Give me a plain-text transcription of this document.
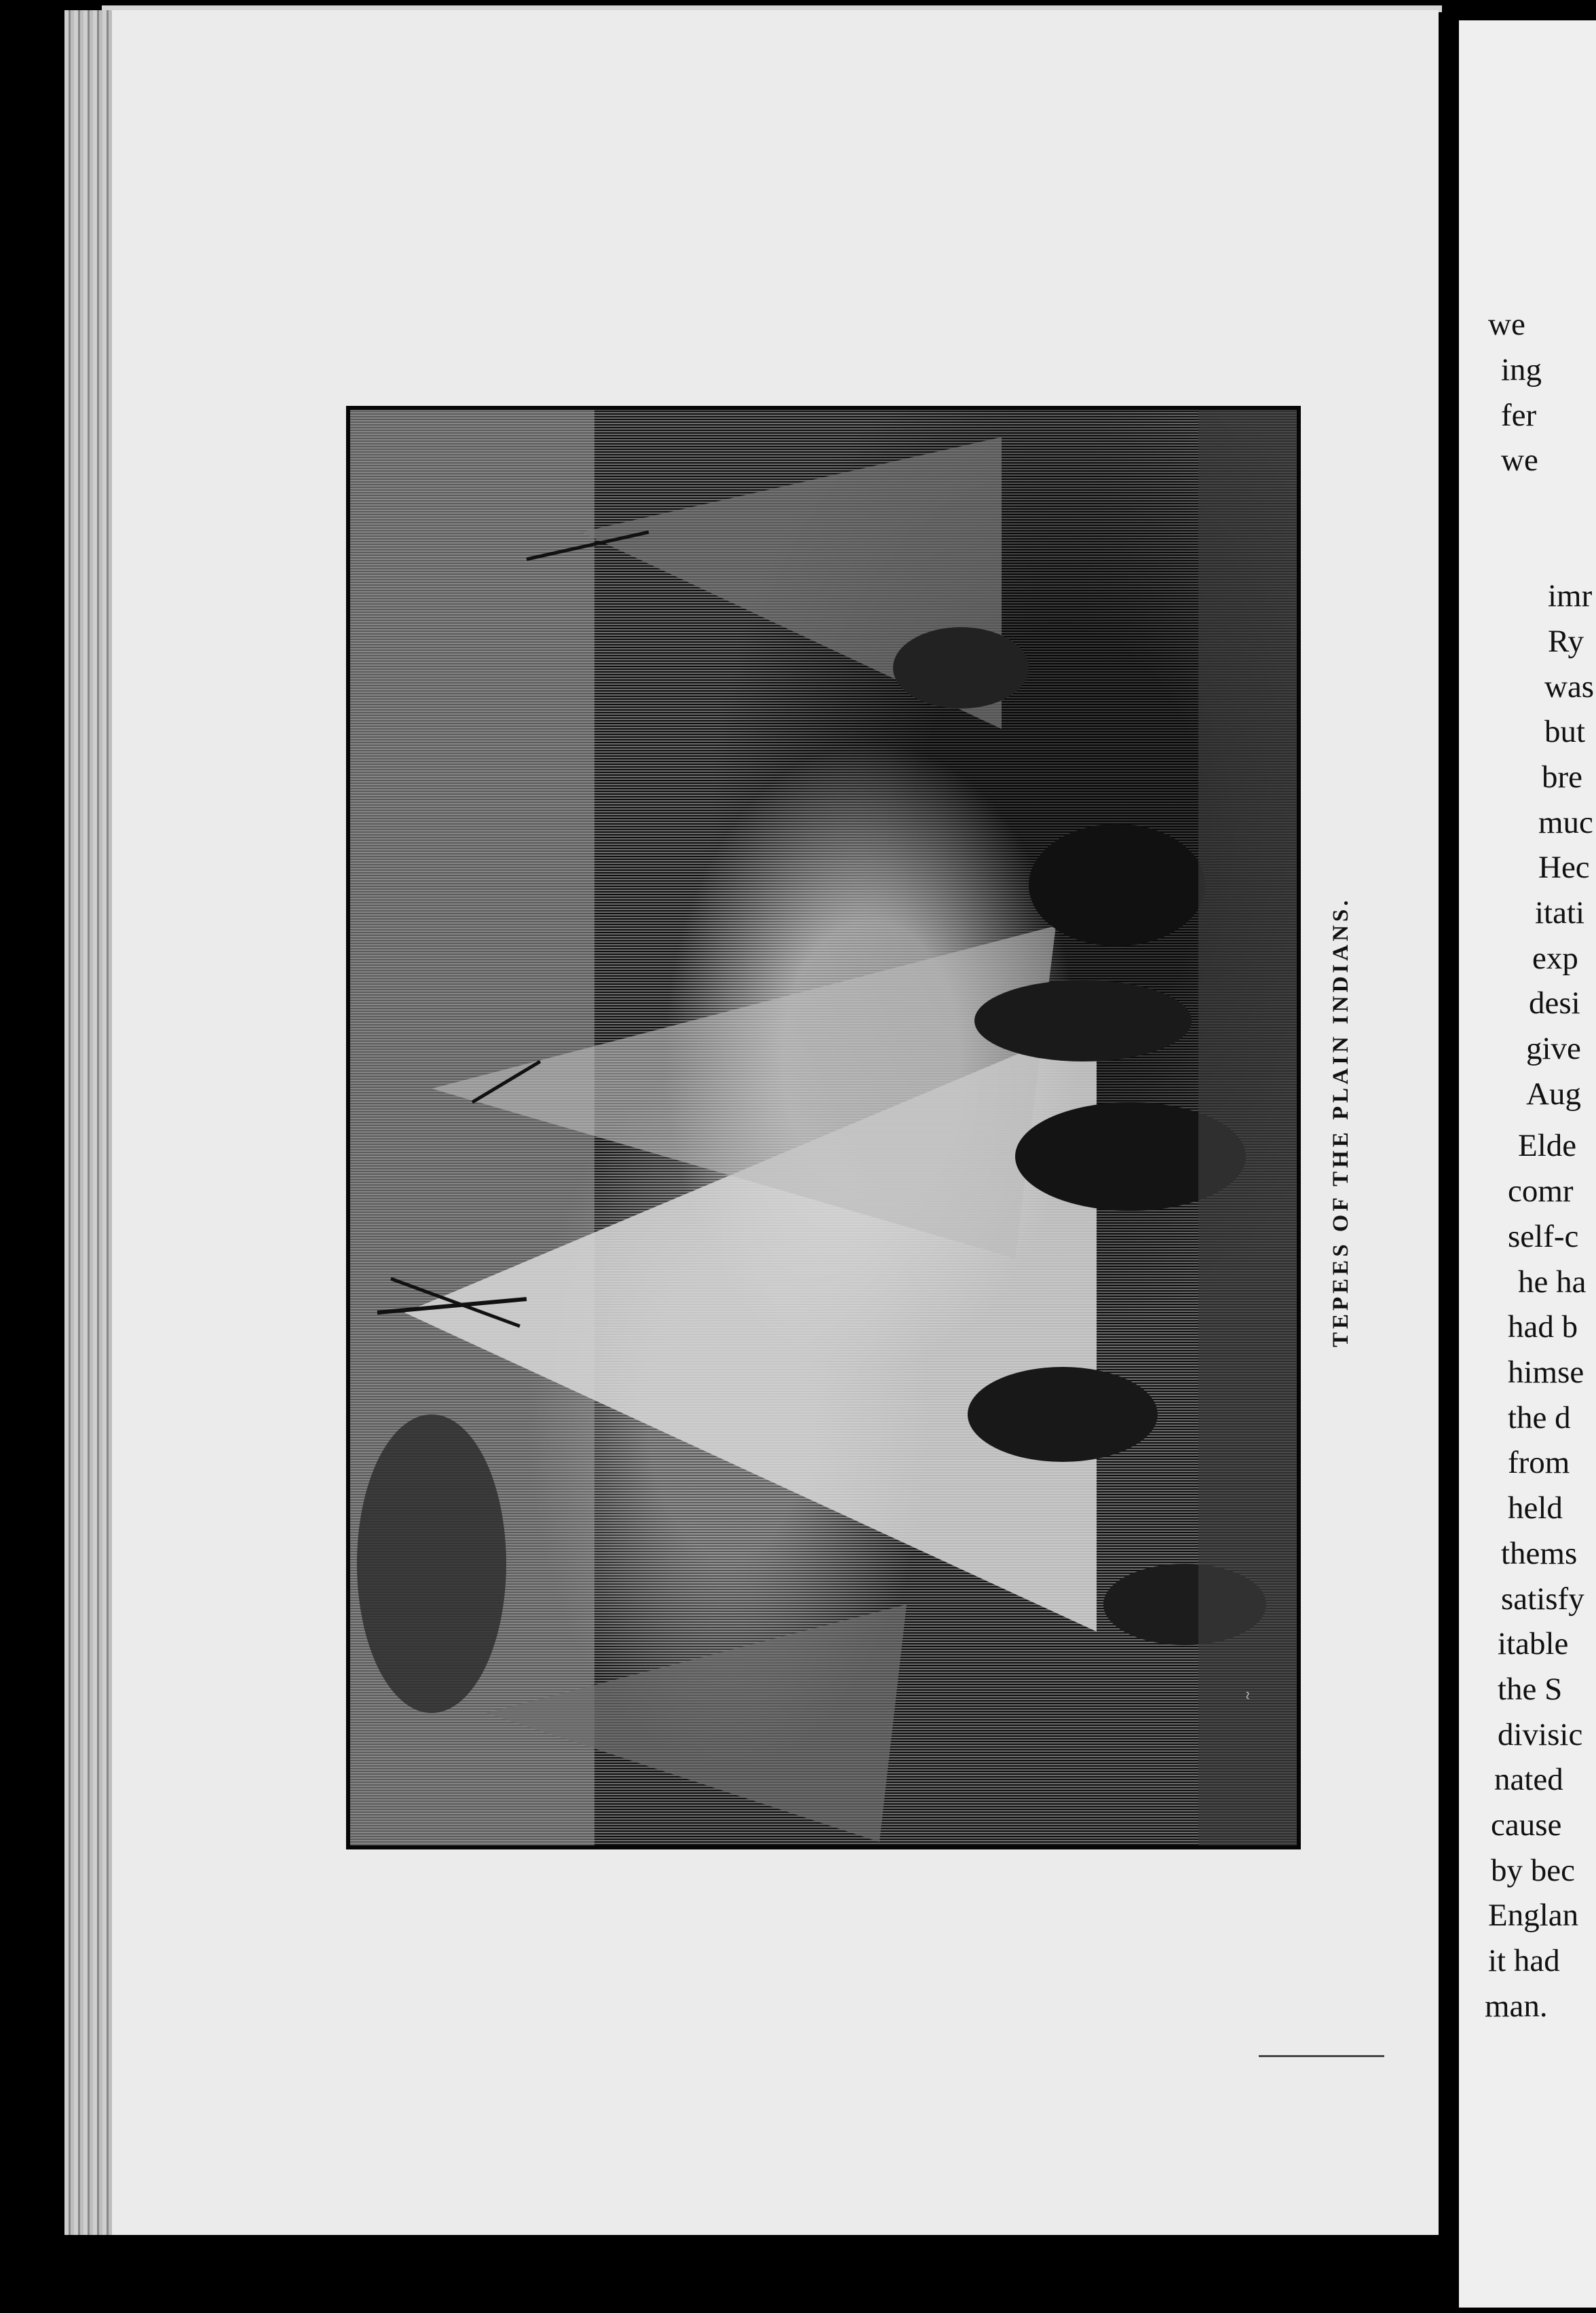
~
TEPEES OF THE PLAIN INDIANS.
we
ing
fer
we
imr
Ry
was
but
bre
muc
Hec
itati
exp
desi
give
Aug
Elde
comr
self-c
he ha
had b
himse
the d
from
held
thems
satisfy
itable
the S
divisic
nated
cause
by bec
Englan
it had
man.
